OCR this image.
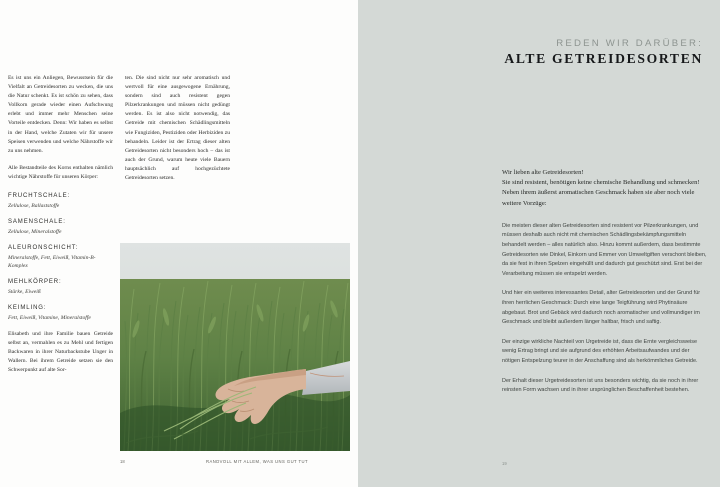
Es ist uns ein Anliegen, Bewusstsein für die Vielfalt an Getreidesorten zu wecken, die uns die Natur schenkt. Es ist schön zu sehen, dass Vollkorn gerade wieder einen Aufschwung erlebt und immer mehr Menschen seine Vorteile entdecken. Denn: Wir haben es selbst in der Hand, welche Zutaten wir für unsere Speisen verwenden und welche Nährstoffe wir zu uns nehmen.

Alle Bestandteile des Korns enthalten nämlich wichtige Nährstoffe für unseren Körper:

FRUCHTSCHALE:
Zellulose, Ballaststoffe
SAMENSCHALE:
Zellulose, Mineralstoffe
ALEURONSCHICHT:
Mineralstoffe, Fett, Eiweiß, Vitamin-B-Komplex
MEHLKÖRPER:
Stärke, Eiweiß
KEIMLING:
Fett, Eiweiß, Vitamine, Mineralstoffe

Elisabeth und ihre Familie bauen Getreide selbst an, vermahlen es zu Mehl und fertigen Backwaren in ihrer Naturbackstube Unger in Wallern. Bei ihrem Getreide setzen sie den Schwerpunkt auf alte Sor-

ten. Die sind nicht nur sehr aromatisch und wertvoll für eine ausgewogene Ernährung, sondern sind auch resistent gegen Pilzerkrankungen und müssen nicht gedüngt werden. Es ist also nicht notwendig, das Getreide mit chemischen Schädlingsmitteln wie Fungiziden, Pestiziden oder Herbiziden zu behandeln. Leider ist der Ertrag dieser alten Getreidesorten nicht besonders hoch – das ist auch der Grund, warum heute viele Bauern hauptsächlich auf hochgezüchtete Getreidesorten setzen.

18	RANDVOLL MIT ALLEM, WAS UNS GUT TUT
REDEN WIR DARÜBER:
ALTE GETREIDESORTEN

Wir lieben alte Getreidesorten!

Sie sind resistent, benötigen keine chemische Behandlung und schmecken! Neben ihrem äußerst aromatischen Geschmack haben sie aber noch viele weitere Vorzüge:

Die meisten dieser alten Getreidesorten sind resistent vor Pilzerkrankungen, und müssen deshalb auch nicht mit chemischen Schädlingsbekämpfungsmitteln behandelt werden – alles natürlich also. Hinzu kommt außerdem, dass bestimmte Getreidesorten wie Dinkel, Einkorn und Emmer von Umweltgiften verschont bleiben, da sie fest in ihren Spelzen eingehüllt und dadurch gut geschützt sind. Erst bei der Verarbeitung müssen sie entspelzt werden.

Und hier ein weiteres interessantes Detail, alter Getreidesorten und der Grund für ihren herrlichen Geschmack: Durch eine lange Teigführung wird Phytinsäure abgebaut. Brot und Gebäck wird dadurch noch aromatischer und vollmundiger im Geschmack und bleibt außerdem länger haltbar, frisch und saftig.

Der einzige wirkliche Nachteil von Urgetreide ist, dass die Ernte vergleichsweise wenig Ertrag bringt und sie aufgrund des erhöhten Arbeitsaufwandes und der nötigen Entspelzung teurer in der Anschaffung sind als herkömmliches Getreide.

Der Erhalt dieser Urgetreidesorten ist uns besonders wichtig, da sie noch in ihrer reinsten Form wachsen und in ihrer ursprünglichen Beschaffenheit bestehen.

19
